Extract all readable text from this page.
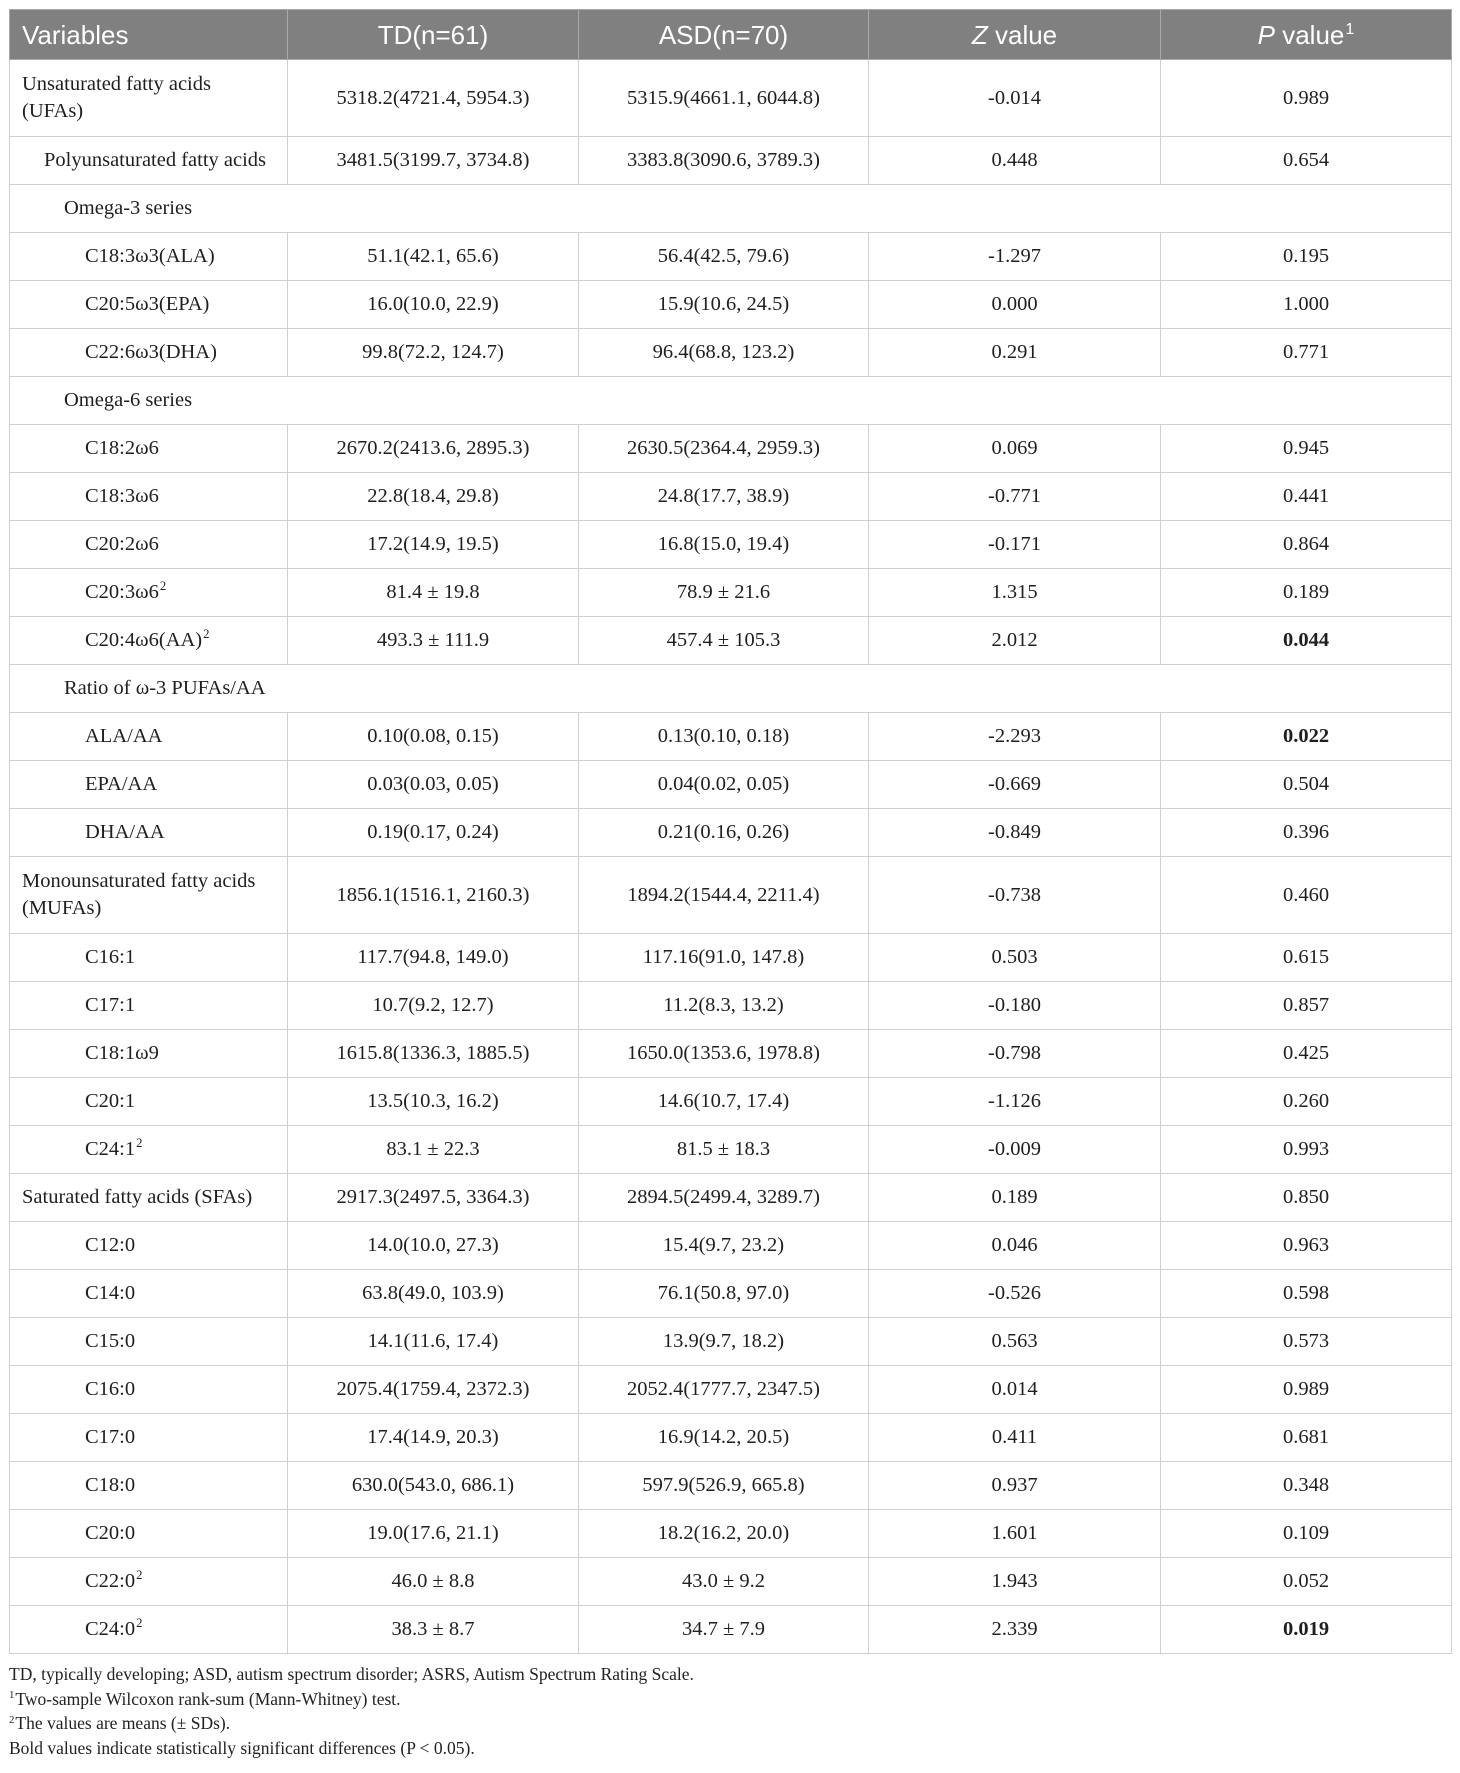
Variables	TD(n=61)	ASD(n=70)	Z value	P value$^1$
Unsaturated fatty acids (UFAs)	5318.2(4721.4, 5954.3)	5315.9(4661.1, 6044.8)	-0.014	0.989
Polyunsaturated fatty acids	3481.5(3199.7, 3734.8)	3383.8(3090.6, 3789.3)	0.448	0.654
Omega-3 series				
C18:3ω3(ALA)	51.1(42.1, 65.6)	56.4(42.5, 79.6)	-1.297	0.195
C20:5ω3(EPA)	16.0(10.0, 22.9)	15.9(10.6, 24.5)	0.000	1.000
C22:6ω3(DHA)	99.8(72.2, 124.7)	96.4(68.8, 123.2)	0.291	0.771
Omega-6 series				
C18:2ω6	2670.2(2413.6, 2895.3)	2630.5(2364.4, 2959.3)	0.069	0.945
C18:3ω6	22.8(18.4, 29.8)	24.8(17.7, 38.9)	-0.771	0.441
C20:2ω6	17.2(14.9, 19.5)	16.8(15.0, 19.4)	-0.171	0.864
$C20:3\omega 6^2$	81.4 ± 19.8	78.9 ± 21.6	1.315	0.189
C20:4ω6(AA)$^2$	493.3 ± 111.9	457.4 ± 105.3	2.012	0.044
Ratio of ω-3 PUFAs/AA				
ALA/AA	0.10(0.08, 0.15)	0.13(0.10, 0.18)	-2.293	0.022
EPA/AA	0.03(0.03, 0.05)	0.04(0.02, 0.05)	-0.669	0.504
DHA/AA	0.19(0.17, 0.24)	0.21(0.16, 0.26)	-0.849	0.396
Monounsaturated fatty acids (MUFAs)	1856.1(1516.1, 2160.3)	1894.2(1544.4, 2211.4)	-0.738	0.460
C16:1	117.7(94.8, 149.0)	117.16(91.0, 147.8)	0.503	0.615
C17:1	10.7(9.2, 12.7)	11.2(8.3, 13.2)	-0.180	0.857
C18:1ω9	1615.8(1336.3, 1885.5)	1650.0(1353.6, 1978.8)	-0.798	0.425
C20:1	13.5(10.3, 16.2)	14.6(10.7, 17.4)	-1.126	0.260
$C24:1^2$	83.1 ± 22.3	81.5 ± 18.3	-0.009	0.993
Saturated fatty acids (SFAs)	2917.3(2497.5, 3364.3)	2894.5(2499.4, 3289.7)	0.189	0.850
C12:0	14.0(10.0, 27.3)	15.4(9.7, 23.2)	0.046	0.963
C14:0	63.8(49.0, 103.9)	76.1(50.8, 97.0)	-0.526	0.598
C15:0	14.1(11.6, 17.4)	13.9(9.7, 18.2)	0.563	0.573
C16:0	2075.4(1759.4, 2372.3)	2052.4(1777.7, 2347.5)	0.014	0.989
C17:0	17.4(14.9, 20.3)	16.9(14.2, 20.5)	0.411	0.681
C18:0	630.0(543.0, 686.1)	597.9(526.9, 665.8)	0.937	0.348
C20:0	19.0(17.6, 21.1)	18.2(16.2, 20.0)	1.601	0.109
$C22:0^2$	46.0 ± 8.8	43.0 ± 9.2	1.943	0.052
$C24:0^2$	38.3 ± 8.7	34.7 ± 7.9	2.339	0.019
TD, typically developing; ASD, autism spectrum disorder; ASRS, Autism Spectrum Rating Scale.
$^1$Two-sample Wilcoxon rank-sum (Mann-Whitney) test.
$^2$The values are means (± SDs).
Bold values indicate statistically significant differences (P < 0.05).
